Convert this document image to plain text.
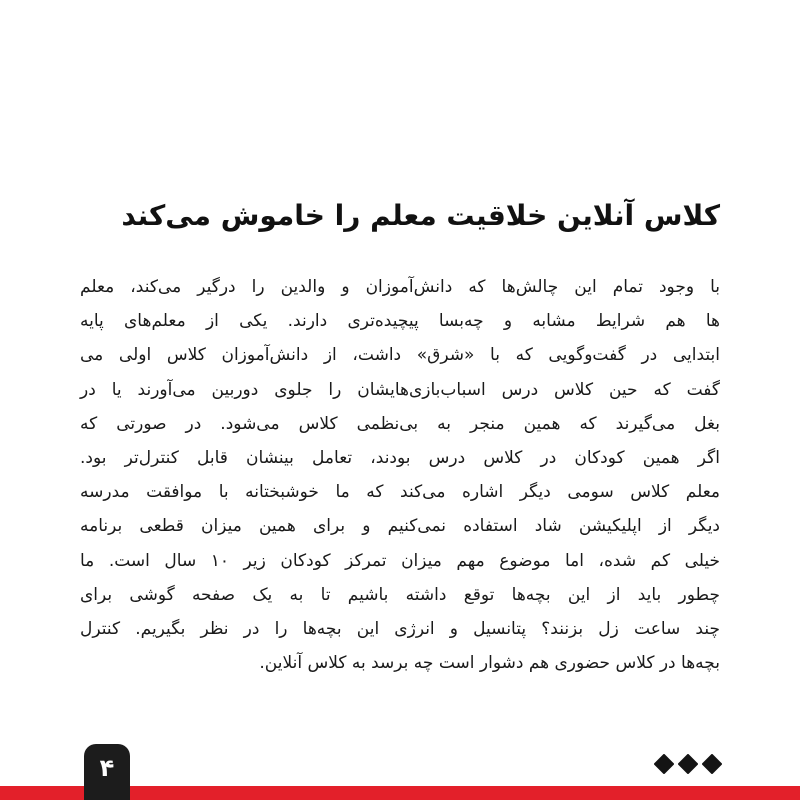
کلاس آنلاین خلاقیت معلم را خاموش می‌کند
با وجود تمام این چالش‌ها که دانش‌آموزان و والدین را درگیر می‌کند، معلم
ها هم شرایط مشابه و چه‌بسا پیچیده‌تری دارند. یکی از معلم‌های پایه
ابتدایی در گفت‌وگویی که با «شرق» داشت، از دانش‌آموزان کلاس اولی می
گفت که حین کلاس درس اسباب‌بازی‌هایشان را جلوی دوربین می‌آورند یا در
بغل می‌گیرند که همین منجر به بی‌نظمی کلاس می‌شود. در صورتی که
اگر همین کودکان در کلاس درس بودند، تعامل بینشان قابل کنترل‌تر بود.
معلم کلاس سومی دیگر اشاره می‌کند که ما خوشبختانه با موافقت مدرسه
دیگر از اپلیکیشن شاد استفاده نمی‌کنیم و برای همین میزان قطعی برنامه
خیلی کم شده، اما موضوع مهم میزان تمرکز کودکان زیر ۱۰ سال است. ما
چطور باید از این بچه‌ها توقع داشته باشیم تا به یک صفحه گوشی برای
چند ساعت زل بزنند؟ پتانسیل و انرژی این بچه‌ها را در نظر بگیریم. کنترل
بچه‌ها در کلاس حضوری هم دشوار است چه برسد به کلاس آنلاین.
۴
